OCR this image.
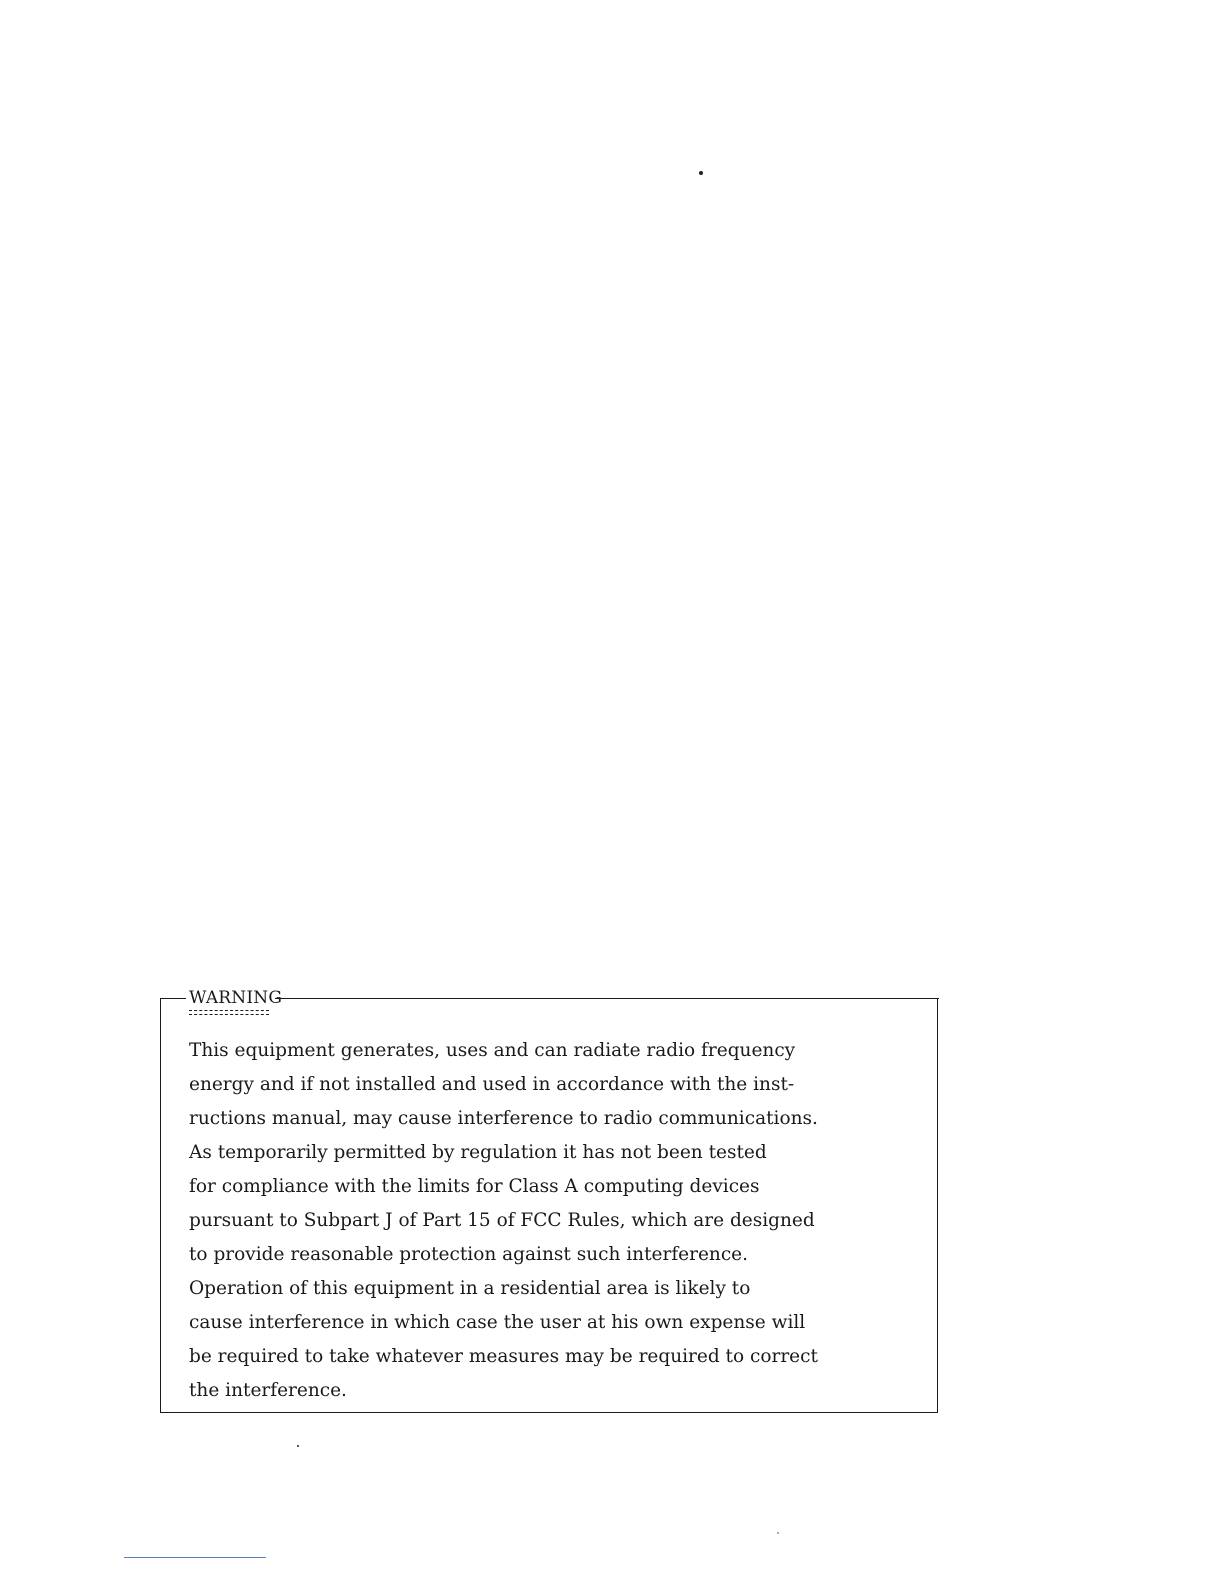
WARNING
This equipment generates, uses and can radiate radio frequency
energy and if not installed and used in accordance with the inst-
ructions manual, may cause interference to radio communications.
As temporarily permitted by regulation it has not been tested
for compliance with the limits for Class A computing devices
pursuant to Subpart J of Part 15 of FCC Rules, which are designed
to provide reasonable protection against such interference.
Operation of this equipment in a residential area is likely to
cause interference in which case the user at his own expense will
be required to take whatever measures may be required to correct
the interference.
